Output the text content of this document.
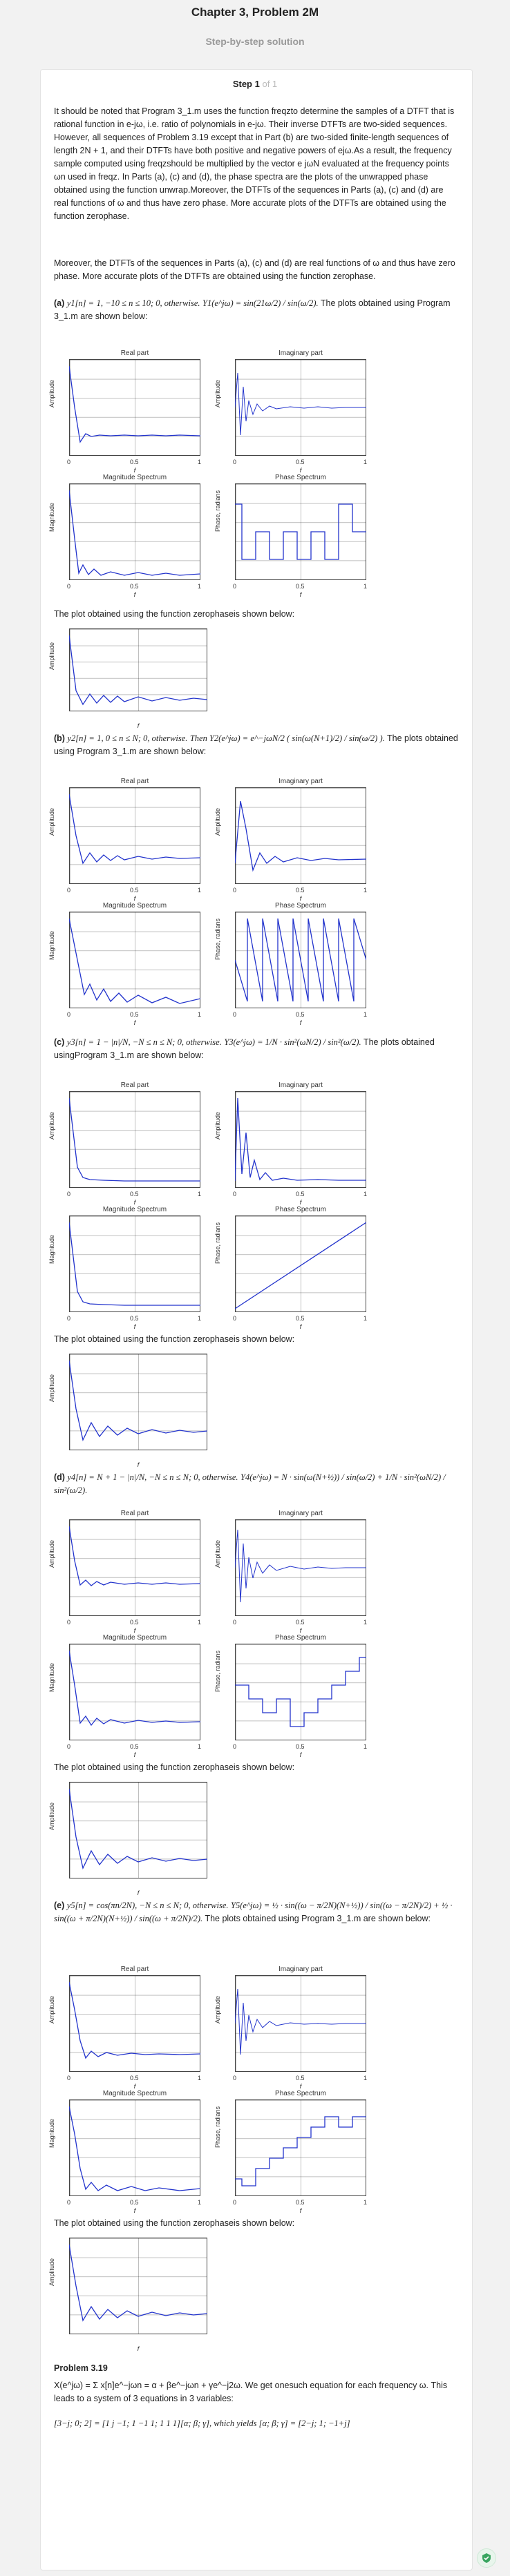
Chapter 3, Problem 2M
Step-by-step solution
Step 1 of 1
It should be noted that Program 3_1.m uses the function freqzto determine the samples of a DTFT that is rational function in e-jω, i.e. ratio of polynomials in e-jω. Their inverse DTFTs are two-sided sequences. However, all sequences of Problem 3.19 except that in Part (b) are two-sided finite-length sequences of length 2N + 1, and their DTFTs have both positive and negative powers of ejω.As a result, the frequency sample computed using freqzshould be multiplied by the vector e jωN evaluated at the frequency points ωn used in freqz. In Parts (a), (c) and (d), the phase spectra are the plots of the unwrapped phase obtained using the function unwrap.Moreover, the DTFTs of the sequences in Parts (a), (c) and (d) are real functions of ω and thus have zero phase. More accurate plots of the DTFTs are obtained using the function zerophase.
Moreover, the DTFTs of the sequences in Parts (a), (c) and (d) are real functions of ω and thus have zero phase. More accurate plots of the DTFTs are obtained using the function zerophase.
(a) y1[n] = 1, −10 ≤ n ≤ 10; 0, otherwise. Y1(e^jω) = sin(21ω/2) / sin(ω/2). The plots obtained using Program 3_1.m are shown below:
Real part
Amplitude
0	0.5	1
f
Imaginary part
Amplitude
0	0.5	1
f
Magnitude Spectrum
Magnitude
0	0.5	1
f
Phase Spectrum
Phase, radians
0	0.5	1
f
The plot obtained using the function zerophaseis shown below:
Amplitude
f
(b) y2[n] = 1, 0 ≤ n ≤ N; 0, otherwise. Then Y2(e^jω) = e^−jωN/2 ( sin(ω(N+1)/2) / sin(ω/2) ). The plots obtained using Program 3_1.m are shown below:
Real part
Amplitude
0	0.5	1
f
Imaginary part
Amplitude
0	0.5	1
f
Magnitude Spectrum
Magnitude
0	0.5	1
f
Phase Spectrum
Phase, radians
0	0.5	1
f
(c) y3[n] = 1 − |n|/N, −N ≤ n ≤ N; 0, otherwise. Y3(e^jω) = 1/N · sin²(ωN/2) / sin²(ω/2). The plots obtained usingProgram 3_1.m are shown below:
Real part
Amplitude
0	0.5	1
f
Imaginary part
Amplitude
0	0.5	1
f
Magnitude Spectrum
Magnitude
0	0.5	1
f
Phase Spectrum
Phase, radians
0	0.5	1
f
The plot obtained using the function zerophaseis shown below:
Amplitude
f
(d) y4[n] = N + 1 − |n|/N, −N ≤ n ≤ N; 0, otherwise. Y4(e^jω) = N · sin(ω(N+½)) / sin(ω/2) + 1/N · sin²(ωN/2) / sin²(ω/2).
Real part
Amplitude
0	0.5	1
f
Imaginary part
Amplitude
0	0.5	1
f
Magnitude Spectrum
Magnitude
0	0.5	1
f
Phase Spectrum
Phase, radians
0	0.5	1
f
The plot obtained using the function zerophaseis shown below:
Amplitude
f
(e) y5[n] = cos(πn/2N), −N ≤ n ≤ N; 0, otherwise. Y5(e^jω) = ½ · sin((ω − π/2N)(N+½)) / sin((ω − π/2N)/2) + ½ · sin((ω + π/2N)(N+½)) / sin((ω + π/2N)/2). The plots obtained using Program 3_1.m are shown below:
Real part
Amplitude
0	0.5	1
f
Imaginary part
Amplitude
0	0.5	1
f
Magnitude Spectrum
Magnitude
0	0.5	1
f
Phase Spectrum
Phase, radians
0	0.5	1
f
The plot obtained using the function zerophaseis shown below:
Amplitude
f
Problem 3.19
X(e^jω) = Σ x[n]e^−jωn = α + βe^−jωn + γe^−j2ω. We get onesuch equation for each frequency ω. This leads to a system of 3 equations in 3 variables:
[3−j; 0; 2] = [1 j −1; 1 −1 1; 1 1 1][α; β; γ], which yields [α; β; γ] = [2−j; 1; −1+j]
